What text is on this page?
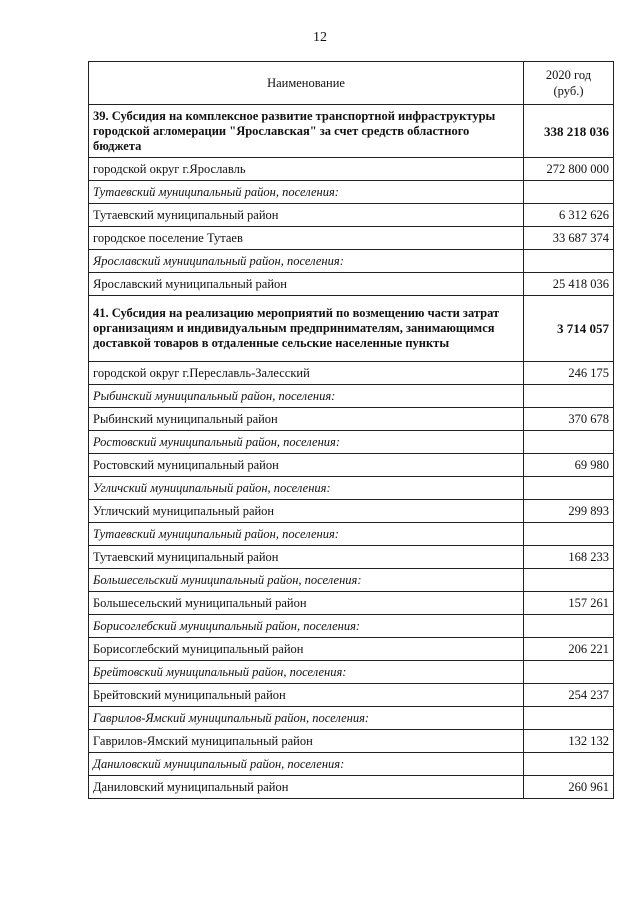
12
Наименование	2020 год
(руб.)

39. Субсидия на комплексное развитие транспортной инфраструктуры городской агломерации "Ярославская" за счет средств областного бюджета	338 218 036
городской округ г.Ярославль	272 800 000
Тутаевский муниципальный район, поселения:	
Тутаевский муниципальный район	6 312 626
городское поселение Тутаев	33 687 374
Ярославский муниципальный район, поселения:	
Ярославский муниципальный район	25 418 036
41. Субсидия на реализацию мероприятий по возмещению части затрат организациям и индивидуальным предпринимателям, занимающимся доставкой товаров в отдаленные сельские населенные пункты	3 714 057
городской округ г.Переславль-Залесский	246 175
Рыбинский муниципальный район, поселения:	
Рыбинский муниципальный район	370 678
Ростовский муниципальный район, поселения:	
Ростовский муниципальный район	69 980
Угличский муниципальный район, поселения:	
Угличский муниципальный район	299 893
Тутаевский муниципальный район, поселения:	
Тутаевский муниципальный район	168 233
Большесельский муниципальный район, поселения:	
Большесельский муниципальный район	157 261
Борисоглебский муниципальный район, поселения:	
Борисоглебский муниципальный район	206 221
Брейтовский муниципальный район, поселения:	
Брейтовский муниципальный район	254 237
Гаврилов-Ямский муниципальный район, поселения:	
Гаврилов-Ямский муниципальный район	132 132
Даниловский муниципальный район, поселения:	
Даниловский муниципальный район	260 961
